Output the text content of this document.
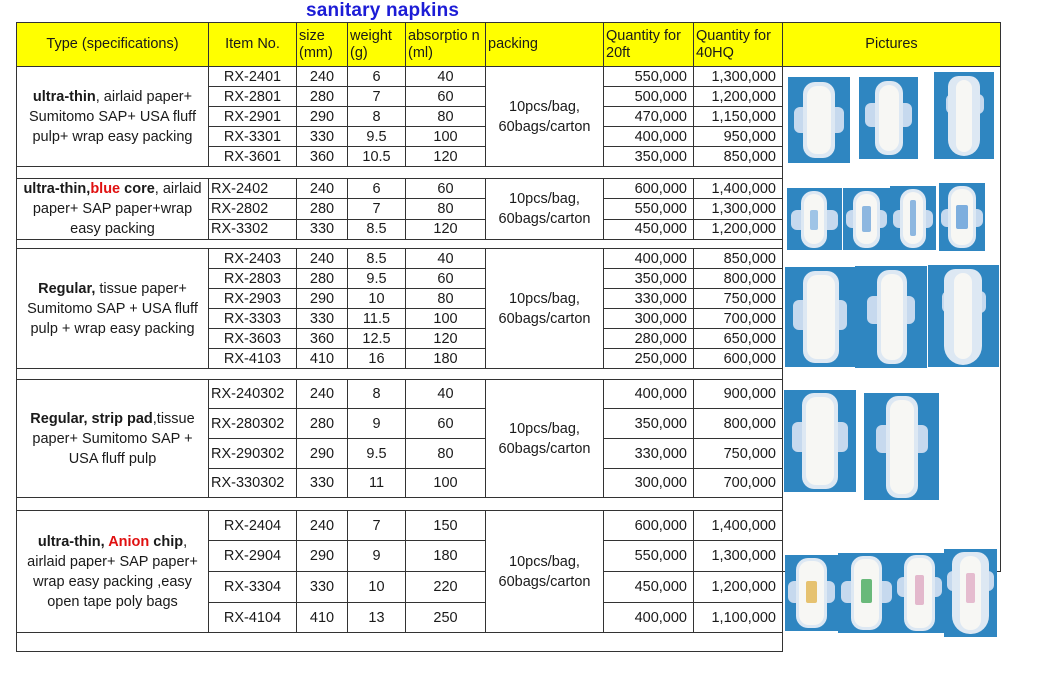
sanitary napkins
Type (specifications)	Item No.	size (mm)	weight (g)	absorptio n (ml)	packing	Quantity for 20ft	Quantity for 40HQ	Pictures
ultra-thin, airlaid paper+ Sumitomo SAP+ USA fluff pulp+ wrap easy packing	RX-2401	240	6	40	10pcs/bag, 60bags/carton	550,000	1,300,000	
	RX-2801	280	7	60		500,000	1,200,000	
	RX-2901	290	8	80		470,000	1,150,000	
	RX-3301	330	9.5	100		400,000	950,000	
	RX-3601	360	10.5	120		350,000	850,000	

ultra-thin,blue core, airlaid paper+ SAP paper+wrap easy packing	RX-2402	240	6	60	10pcs/bag, 60bags/carton	600,000	1,400,000	
	RX-2802	280	7	80		550,000	1,300,000	
	RX-3302	330	8.5	120		450,000	1,200,000	

Regular, tissue paper+ Sumitomo SAP + USA fluff pulp + wrap easy packing	RX-2403	240	8.5	40	10pcs/bag, 60bags/carton	400,000	850,000	
	RX-2803	280	9.5	60		350,000	800,000	
	RX-2903	290	10	80		330,000	750,000	
	RX-3303	330	11.5	100		300,000	700,000	
	RX-3603	360	12.5	120		280,000	650,000	
	RX-4103	410	16	180		250,000	600,000	

Regular, strip pad,tissue paper+ Sumitomo SAP + USA fluff pulp	RX-240302	240	8	40	10pcs/bag, 60bags/carton	400,000	900,000	
	RX-280302	280	9	60		350,000	800,000	
	RX-290302	290	9.5	80		330,000	750,000	
	RX-330302	330	11	100		300,000	700,000	

ultra-thin, Anion chip, airlaid paper+ SAP paper+ wrap easy packing ,easy open tape poly bags	RX-2404	240	7	150	10pcs/bag, 60bags/carton	600,000	1,400,000	
	RX-2904	290	9	180		550,000	1,300,000	
	RX-3304	330	10	220		450,000	1,200,000	
	RX-4104	410	13	250		400,000	1,100,000	
